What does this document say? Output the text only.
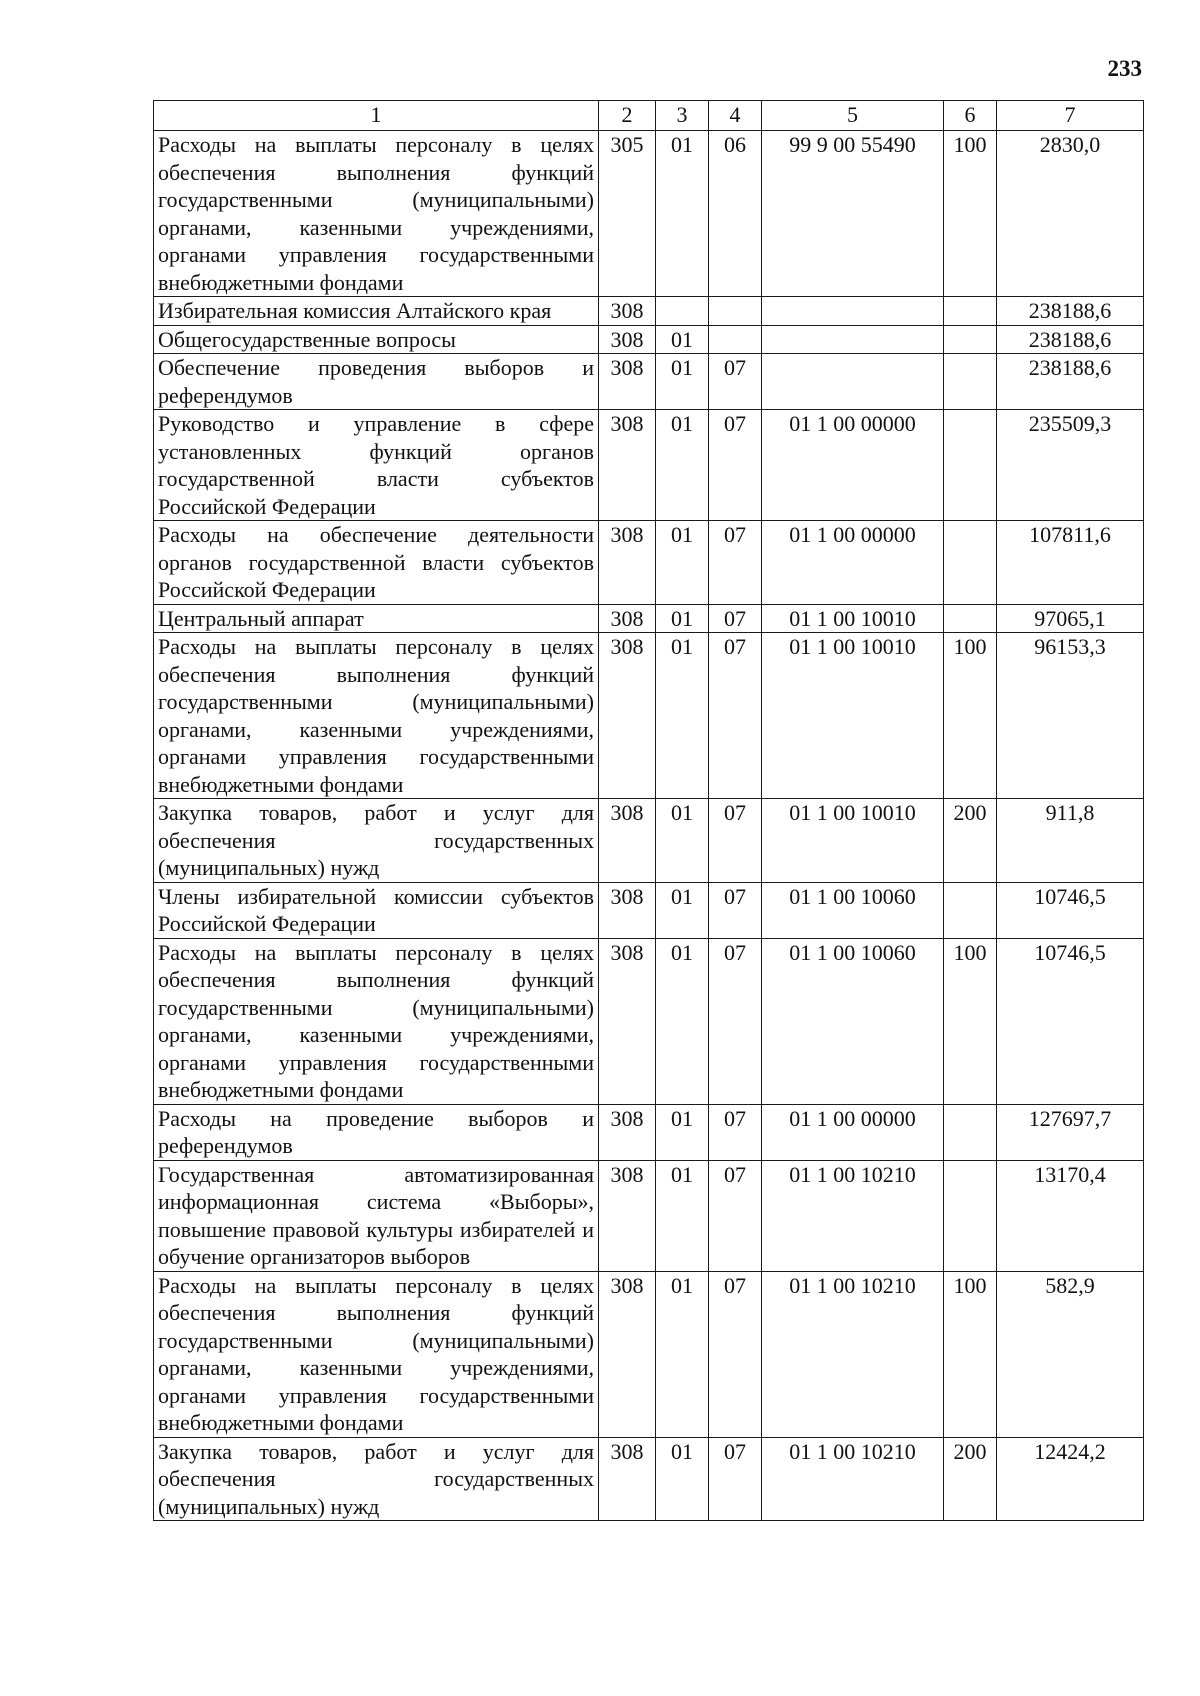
233
1	2	3	4	5	6	7
Расходы на выплаты персоналу в целях обеспечения выполнения функций государственными (муниципальными) органами, казенными учреждениями, органами управления государственными внебюджетными фондами	305	01	06	99 9 00 55490	100	2830,0
Избирательная комиссия Алтайского края	308					238188,6
Общегосударственные вопросы	308	01				238188,6
Обеспечение проведения выборов и референдумов	308	01	07			238188,6
Руководство и управление в сфере установленных функций органов государственной власти субъектов Российской Федерации	308	01	07	01 1 00 00000		235509,3
Расходы на обеспечение деятельности органов государственной власти субъектов Российской Федерации	308	01	07	01 1 00 00000		107811,6
Центральный аппарат	308	01	07	01 1 00 10010		97065,1
Расходы на выплаты персоналу в целях обеспечения выполнения функций государственными (муниципальными) органами, казенными учреждениями, органами управления государственными внебюджетными фондами	308	01	07	01 1 00 10010	100	96153,3
Закупка товаров, работ и услуг для обеспечения государственных (муниципальных) нужд	308	01	07	01 1 00 10010	200	911,8
Члены избирательной комиссии субъектов Российской Федерации	308	01	07	01 1 00 10060		10746,5
Расходы на выплаты персоналу в целях обеспечения выполнения функций государственными (муниципальными) органами, казенными учреждениями, органами управления государственными внебюджетными фондами	308	01	07	01 1 00 10060	100	10746,5
Расходы на проведение выборов и референдумов	308	01	07	01 1 00 00000		127697,7
Государственная автоматизированная информационная система «Выборы», повышение правовой культуры избирателей и обучение организаторов выборов	308	01	07	01 1 00 10210		13170,4
Расходы на выплаты персоналу в целях обеспечения выполнения функций государственными (муниципальными) органами, казенными учреждениями, органами управления государственными внебюджетными фондами	308	01	07	01 1 00 10210	100	582,9
Закупка товаров, работ и услуг для обеспечения государственных (муниципальных) нужд	308	01	07	01 1 00 10210	200	12424,2
